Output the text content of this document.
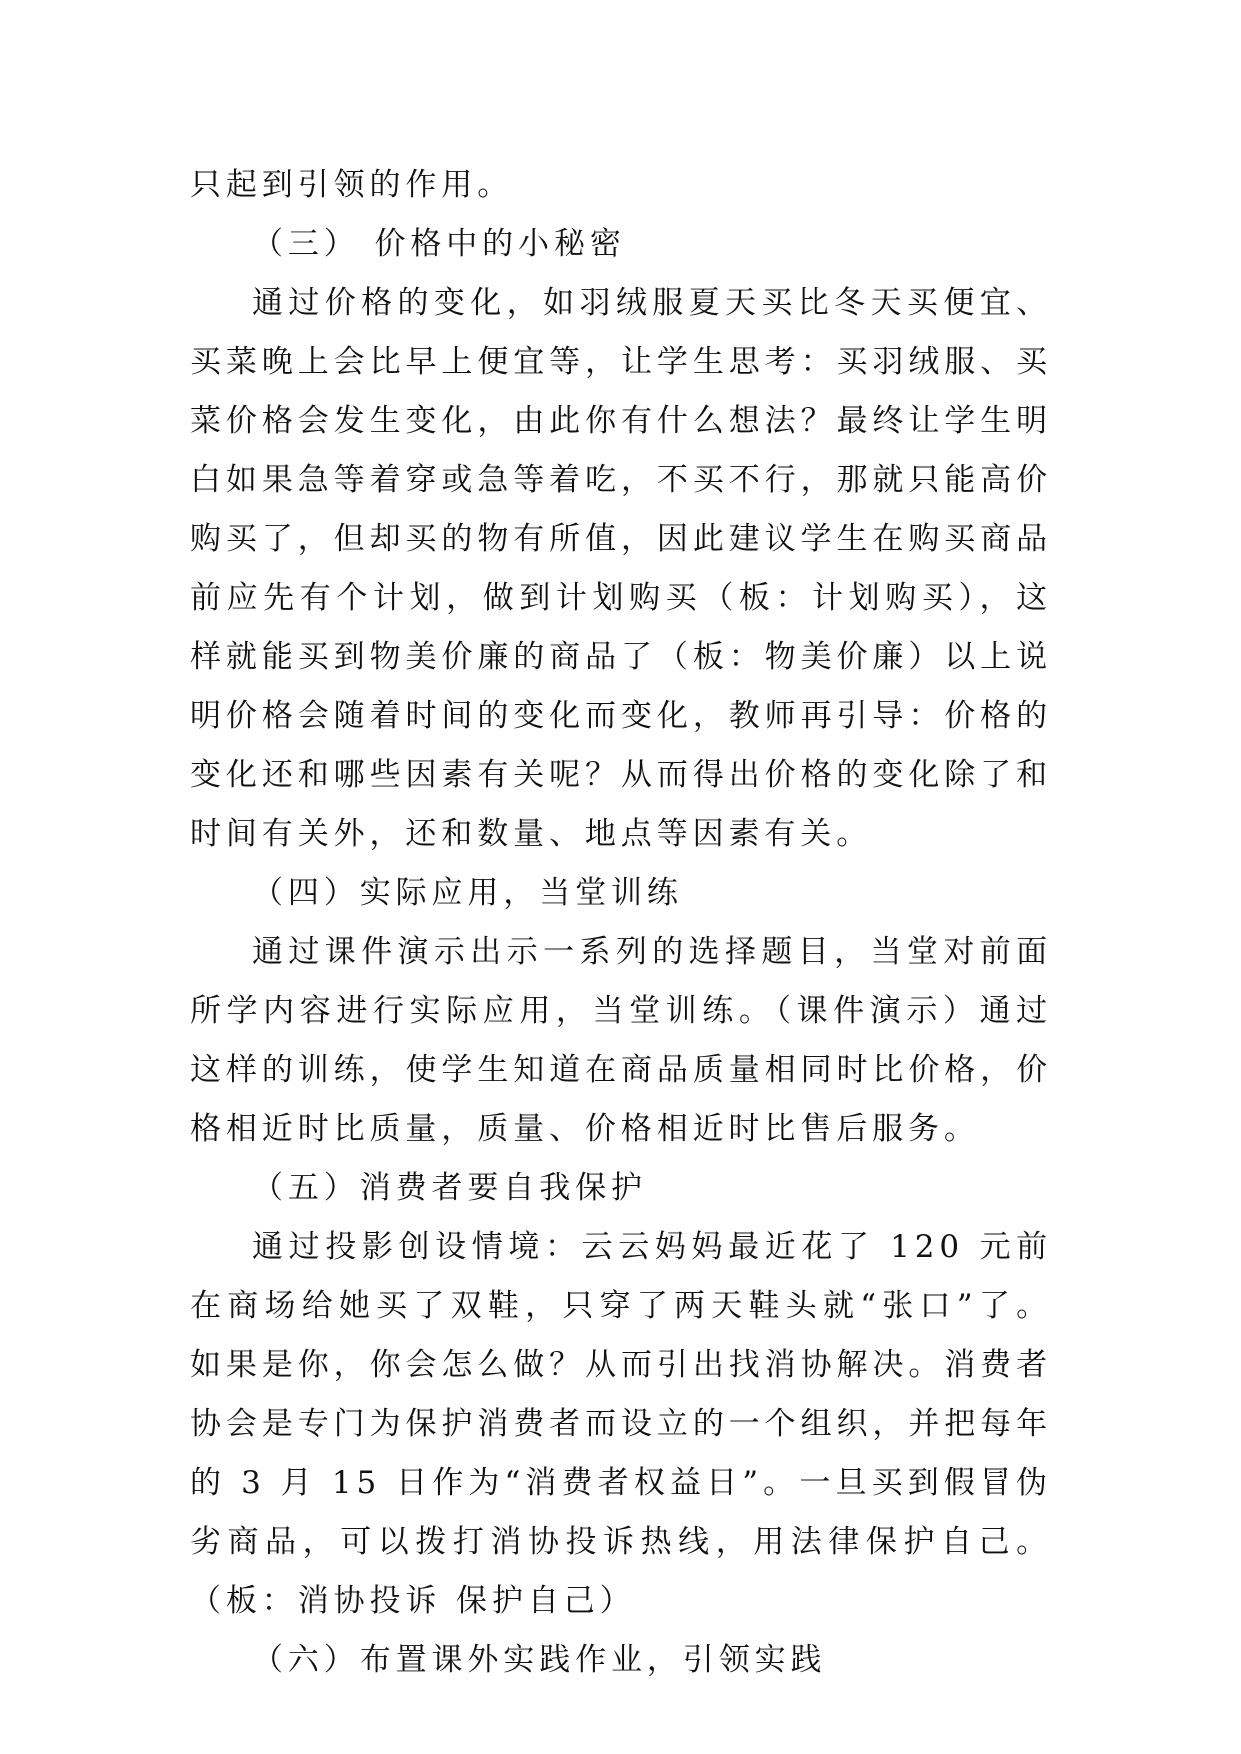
只起到引领的作用。

（三） 价格中的小秘密

通过价格的变化，如羽绒服夏天买比冬天买便宜、买菜晚上会比早上便宜等，让学生思考：买羽绒服、买菜价格会发生变化，由此你有什么想法？最终让学生明白如果急等着穿或急等着吃，不买不行，那就只能高价购买了，但却买的物有所值，因此建议学生在购买商品前应先有个计划，做到计划购买（板：计划购买），这样就能买到物美价廉的商品了（板：物美价廉）以上说明价格会随着时间的变化而变化，教师再引导：价格的变化还和哪些因素有关呢？从而得出价格的变化除了和时间有关外，还和数量、地点等因素有关。

（四）实际应用，当堂训练

通过课件演示出示一系列的选择题目，当堂对前面所学内容进行实际应用，当堂训练。（课件演示）通过这样的训练，使学生知道在商品质量相同时比价格，价格相近时比质量，质量、价格相近时比售后服务。

（五）消费者要自我保护

通过投影创设情境：云云妈妈最近花了 120 元前在商场给她买了双鞋，只穿了两天鞋头就“张口”了。如果是你，你会怎么做？从而引出找消协解决。消费者协会是专门为保护消费者而设立的一个组织，并把每年的 3 月 15 日作为“消费者权益日”。一旦买到假冒伪劣商品，可以拨打消协投诉热线，用法律保护自己。（板：消协投诉 保护自己）

（六）布置课外实践作业，引领实践
